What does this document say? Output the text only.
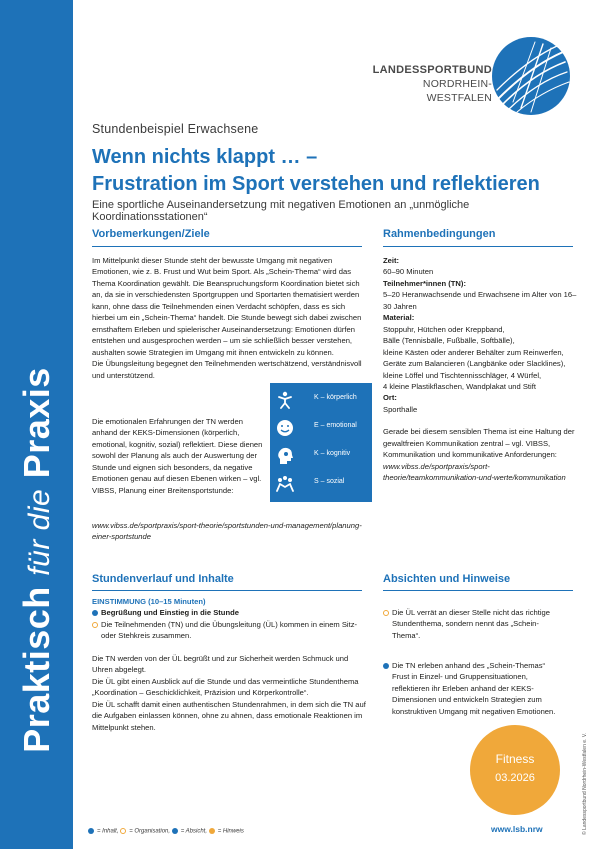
Praktisch für die Praxis
LANDESSPORTBUND
NORDRHEIN-WESTFALEN
Stundenbeispiel Erwachsene
Wenn nichts klappt … –
Frustration im Sport verstehen und reflektieren
Eine sportliche Auseinandersetzung mit negativen Emotionen an „unmögliche Koordinationsstationen“
Vorbemerkungen/Ziele

Im Mittelpunkt dieser Stunde steht der bewusste Umgang mit negativen Emotionen, wie z. B. Frust und Wut beim Sport. Als „Schein-Thema“ wird das Thema Koordination gewählt. Die Beanspruchungsform Koordination bietet sich an, da sie in verschiedensten Sportgruppen und Sportarten thematisiert werden kann, ohne dass die Teilnehmenden einen Verdacht schöpfen, dass es sich hierbei um ein „Schein-Thema“ handelt. Die Stunde bewegt sich dabei zwischen ernsthaftem Erleben und spielerischer Auseinandersetzung: Emotionen dürfen entstehen und ausgesprochen werden – um sie schließlich besser verstehen, aushalten sowie Strategien im Umgang mit ihnen entwickeln zu können.

Die Übungsleitung begegnet den Teilnehmenden wertschätzend, verständnisvoll und unterstützend.

Die emotionalen Erfahrungen der TN werden anhand der KEKS-Dimensionen (körperlich, emotional, kognitiv, sozial) reflektiert. Diese dienen sowohl der Planung als auch der Auswertung der Stunde und eignen sich besonders, da negative Emotionen genau auf diesen Ebenen wirken – vgl. VIBSS, Planung einer Breitensportstunde:

www.vibss.de/sportpraxis/sport-theorie/sportstunden-und-management/planung-einer-sportstunde
K – körperlich
E – emotional
K – kognitiv
S – sozial
Rahmenbedingungen

Zeit:

60–90 Minuten

Teilnehmer*innen (TN):

5–20 Heranwachsende und Erwachsene im Alter von 16–30 Jahren

Material:

Stoppuhr, Hütchen oder Kreppband,

Bälle (Tennisbälle, Fußbälle, Softbälle),

kleine Kästen oder anderer Behälter zum Reinwerfen,

Geräte zum Balancieren (Langbänke oder Slacklines),

kleine Löffel und Tischtennisschläger, 4 Würfel,

4 kleine Plastikflaschen, Wandplakat und Stift

Ort:

Sporthalle

Gerade bei diesem sensiblen Thema ist eine Haltung der gewaltfreien Kommunikation zentral – vgl. VIBSS, Kommunikation und kommunikative Anforderungen:

www.vibss.de/sportpraxis/sport-theorie/teamkommunikation-und-werte/kommunikation

Stundenverlauf und Inhalte

EINSTIMMUNG (10–15 Minuten)

Begrüßung und Einstieg in die Stunde

Die Teilnehmenden (TN) und die Übungsleitung (ÜL) kommen in einem Sitz- oder Stehkreis zusammen.

Die TN werden von der ÜL begrüßt und zur Sicherheit werden Schmuck und Uhren abgelegt.

Die ÜL gibt einen Ausblick auf die Stunde und das vermeintliche Stundenthema „Koordination – Geschicklichkeit, Präzision und Körperkontrolle“.

Die ÜL schafft damit einen authentischen Stundenrahmen, in dem sich die TN auf die Aufgaben einlassen können, ohne zu ahnen, dass emotionale Reaktionen im Mittelpunkt stehen.

Absichten und Hinweise

Die ÜL verrät an dieser Stelle nicht das richtige Stundenthema, sondern nennt das „Schein-Thema“.

Die TN erleben anhand des „Schein-Themas“ Frust in Einzel- und Gruppensituationen, reflektieren ihr Erleben anhand der KEKS-Dimensionen und entwickeln Strategien zum konstruktiven Umgang mit negativen Emotionen.

Fitness
03.2026
= Inhalt, = Organisation, = Absicht, = Hinweis	www.lsb.nrw	© Landessportbund Nordrhein-Westfalen e. V.
